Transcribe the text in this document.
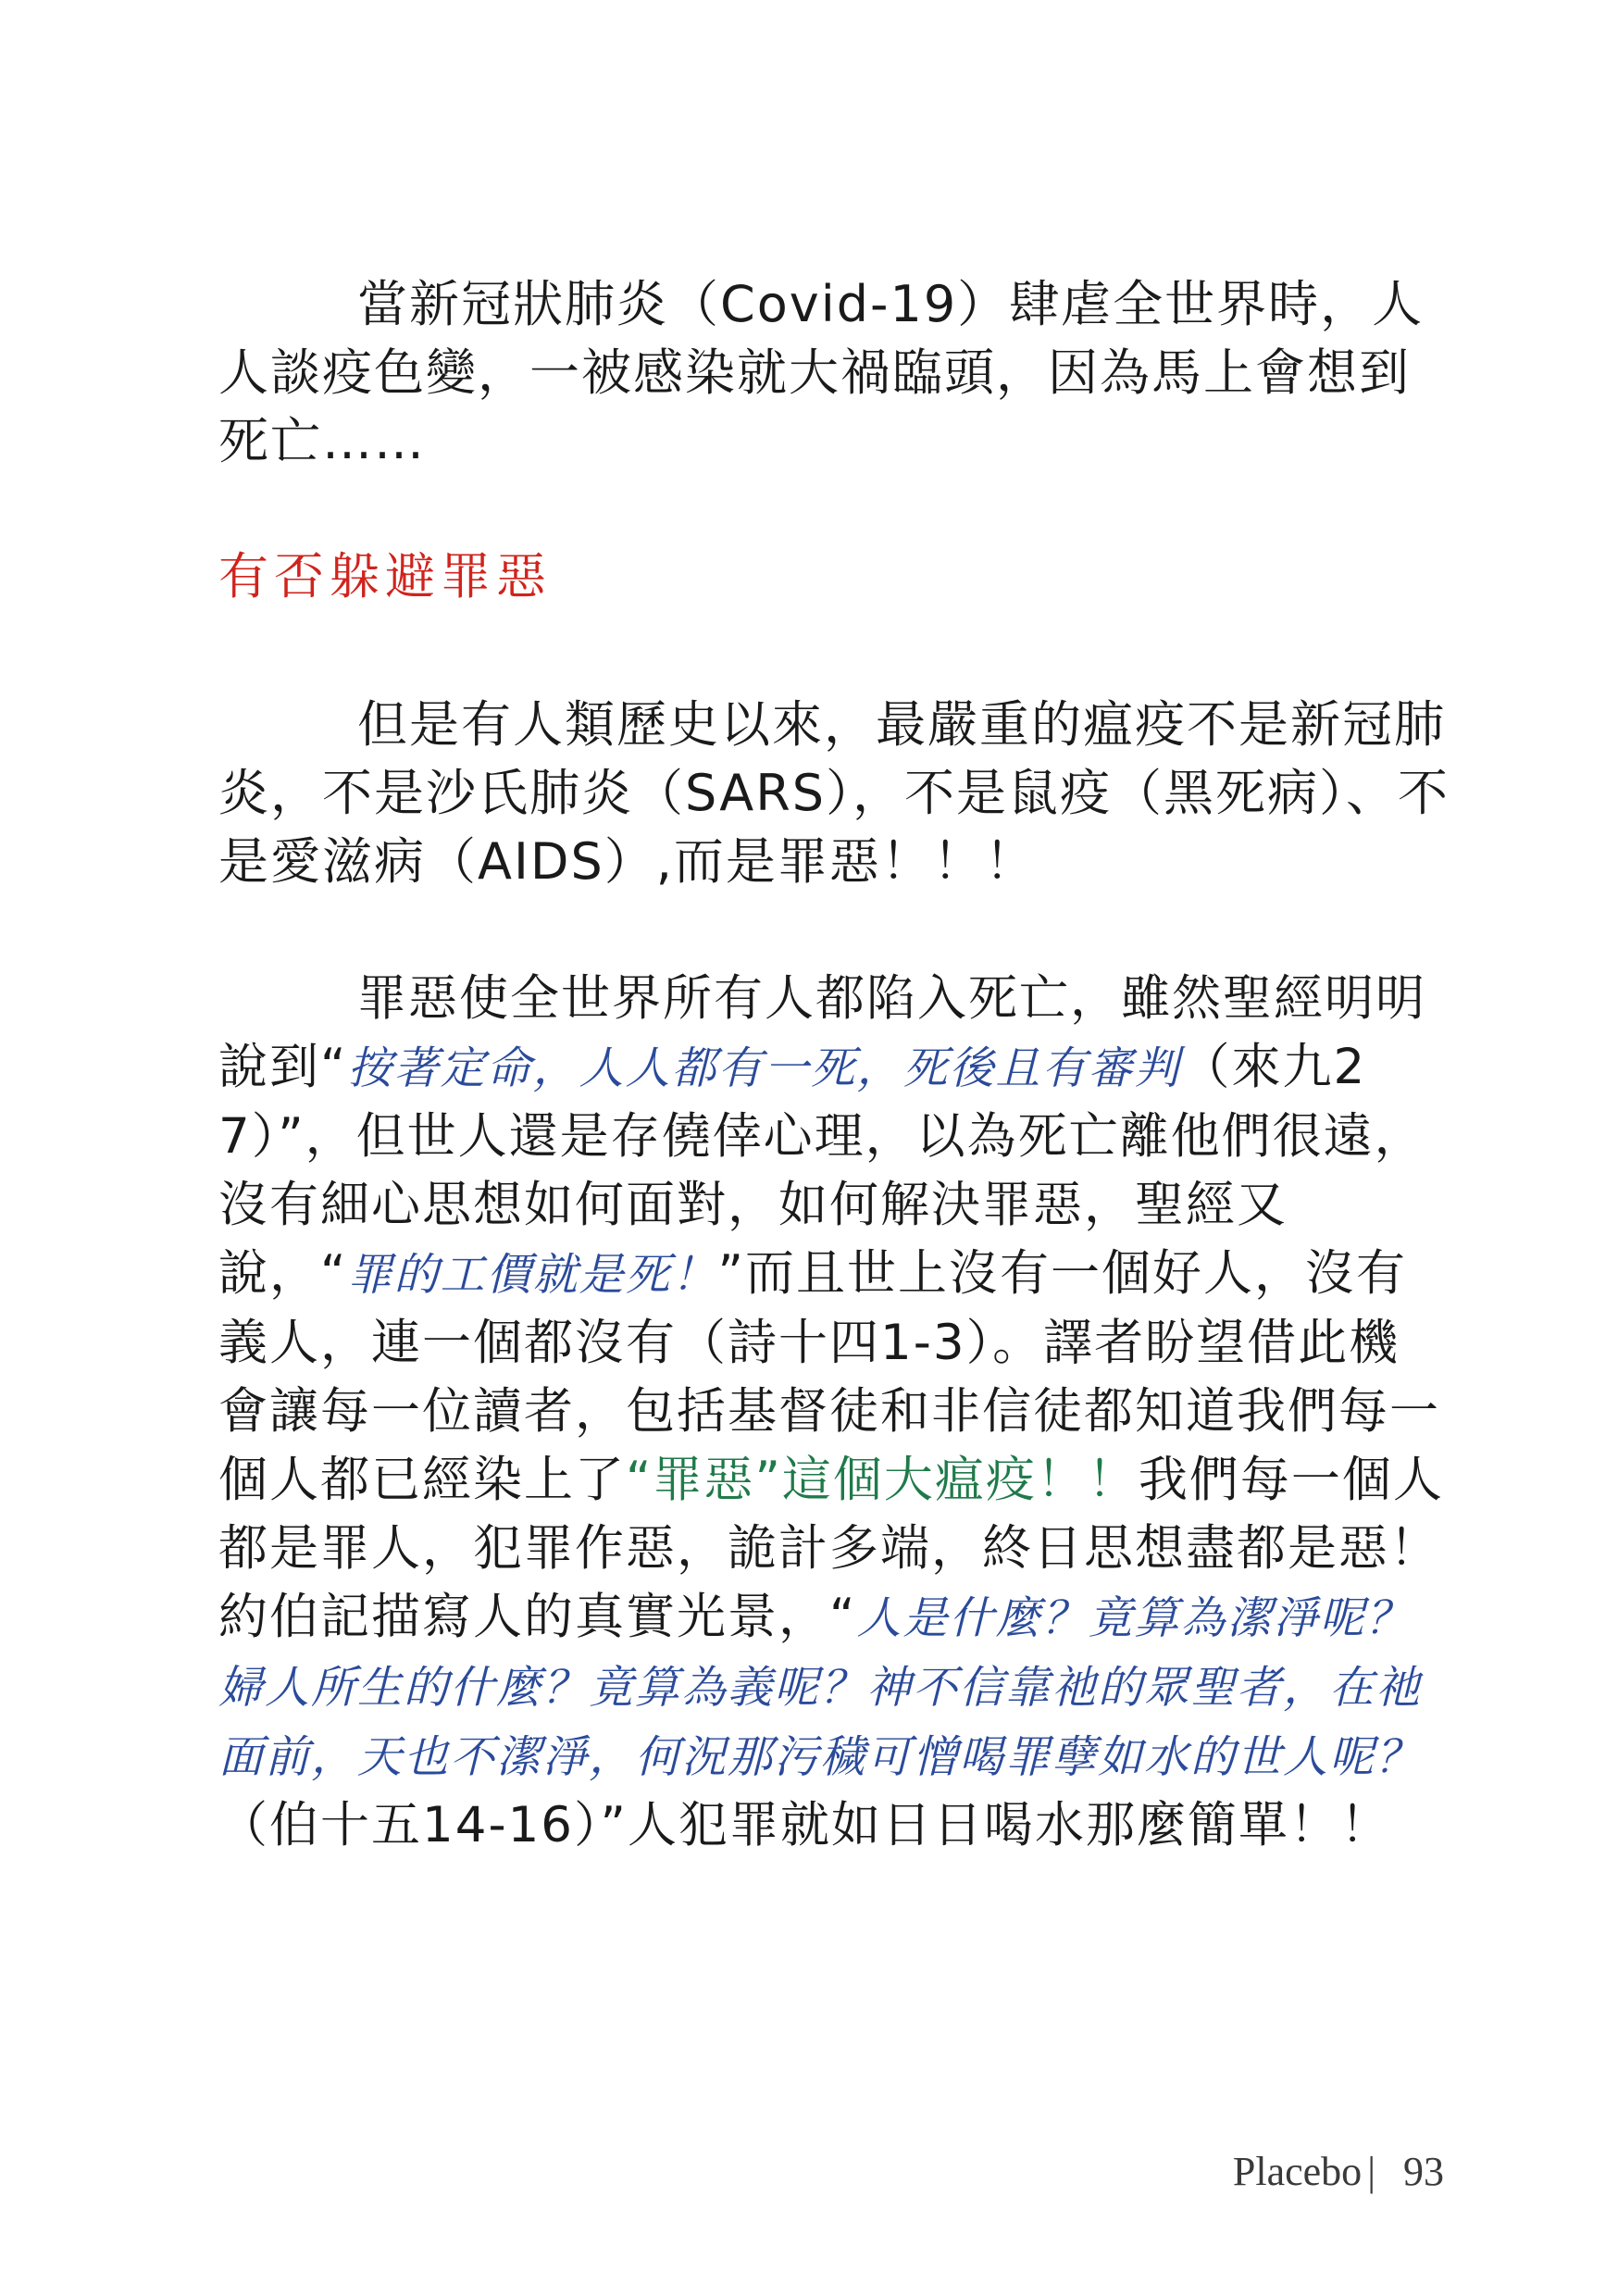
當新冠狀肺炎（Covid-19）肆虐全世界時，人人談疫色變，一被感染就大禍臨頭，因為馬上會想到死亡……

有否躲避罪惡

但是有人類歷史以來，最嚴重的瘟疫不是新冠肺炎，不是沙氏肺炎（SARS），不是鼠疫（黑死病）、不是愛滋病（AIDS）,而是罪惡！！！

罪惡使全世界所有人都陷入死亡，雖然聖經明明說到“按著定命，人人都有一死，死後且有審判（來九27）”，但世人還是存僥倖心理，以為死亡離他們很遠，沒有細心思想如何面對，如何解決罪惡，聖經又說，“罪的工價就是死！”而且世上沒有一個好人，沒有義人，連一個都沒有（詩十四1-3）。譯者盼望借此機會讓每一位讀者，包括基督徒和非信徒都知道我們每一個人都已經染上了“罪惡”這個大瘟疫！！我們每一個人都是罪人，犯罪作惡，詭計多端，終日思想盡都是惡！約伯記描寫人的真實光景，“人是什麼？竟算為潔淨呢？婦人所生的什麼？竟算為義呢？神不信靠祂的眾聖者，在祂面前，天也不潔淨，何況那污穢可憎喝罪孽如水的世人呢？（伯十五14-16）”人犯罪就如日日喝水那麼簡單！！

Placebo | 93
